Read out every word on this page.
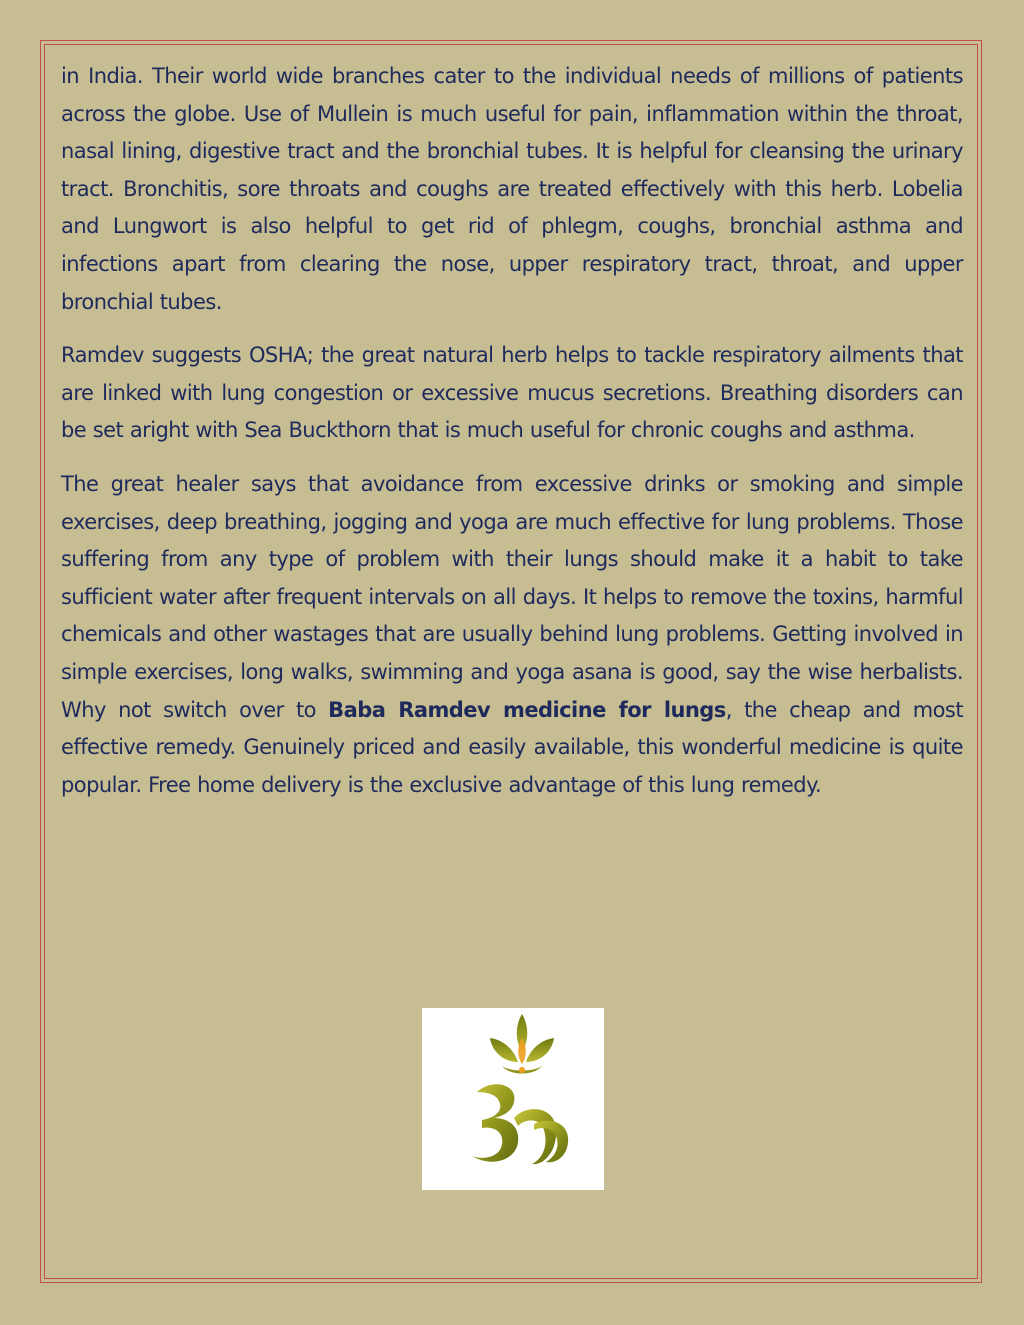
in India. Their world wide branches cater to the individual needs of millions of patients across the globe. Use of Mullein is much useful for pain, inflammation within the throat, nasal lining, digestive tract and the bronchial tubes. It is helpful for cleansing the urinary tract. Bronchitis, sore throats and coughs are treated effectively with this herb. Lobelia and Lungwort is also helpful to get rid of phlegm, coughs, bronchial asthma and infections apart from clearing the nose, upper respiratory tract, throat, and upper bronchial tubes.

Ramdev suggests OSHA; the great natural herb helps to tackle respiratory ailments that are linked with lung congestion or excessive mucus secretions. Breathing disorders can be set aright with Sea Buckthorn that is much useful for chronic coughs and asthma.

The great healer says that avoidance from excessive drinks or smoking and simple exercises, deep breathing, jogging and yoga are much effective for lung problems. Those suffering from any type of problem with their lungs should make it a habit to take sufficient water after frequent intervals on all days. It helps to remove the toxins, harmful chemicals and other wastages that are usually behind lung problems. Getting involved in simple exercises, long walks, swimming and yoga asana is good, say the wise herbalists. Why not switch over to Baba Ramdev medicine for lungs, the cheap and most effective remedy. Genuinely priced and easily available, this wonderful medicine is quite popular. Free home delivery is the exclusive advantage of this lung remedy.
